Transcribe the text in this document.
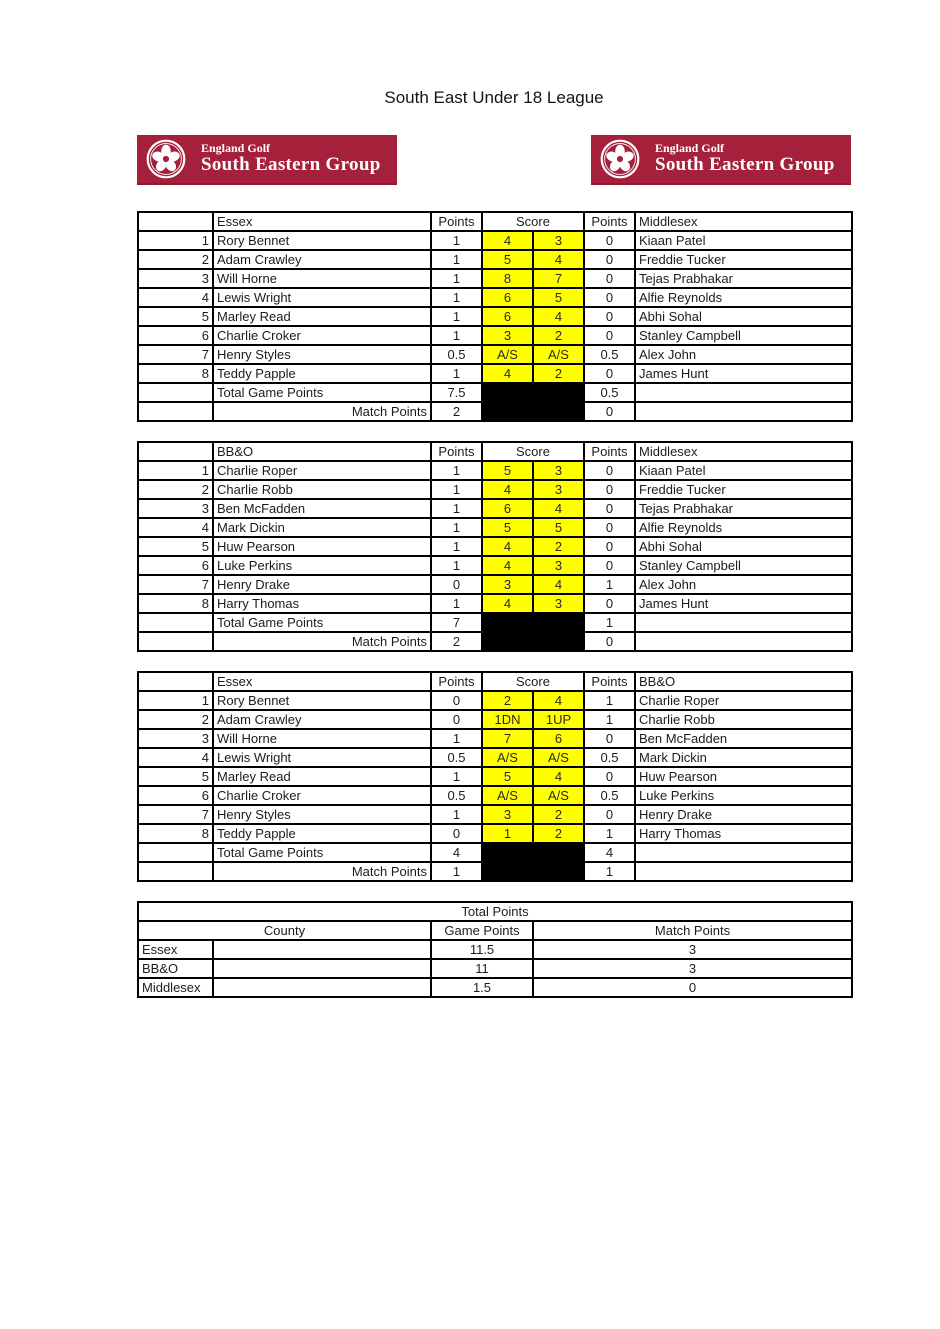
South East Under 18 League
England Golf
South Eastern Group
England Golf
South Eastern Group
	Essex	Points	Score		Points	Middlesex
1	Rory Bennet	1	4	3	0	Kiaan Patel
2	Adam Crawley	1	5	4	0	Freddie Tucker
3	Will Horne	1	8	7	0	Tejas Prabhakar
4	Lewis Wright	1	6	5	0	Alfie Reynolds
5	Marley Read	1	6	4	0	Abhi Sohal
6	Charlie Croker	1	3	2	0	Stanley Campbell
7	Henry Styles	0.5	A/S	A/S	0.5	Alex John
8	Teddy Papple	1	4	2	0	James Hunt
	Total Game Points	7.5			0.5	
	Match Points	2			0	
	BB&O	Points	Score		Points	Middlesex
1	Charlie Roper	1	5	3	0	Kiaan Patel
2	Charlie Robb	1	4	3	0	Freddie Tucker
3	Ben McFadden	1	6	4	0	Tejas Prabhakar
4	Mark Dickin	1	5	5	0	Alfie Reynolds
5	Huw Pearson	1	4	2	0	Abhi Sohal
6	Luke Perkins	1	4	3	0	Stanley Campbell
7	Henry Drake	0	3	4	1	Alex John
8	Harry Thomas	1	4	3	0	James Hunt
	Total Game Points	7			1	
	Match Points	2			0	
	Essex	Points	Score		Points	BB&O
1	Rory Bennet	0	2	4	1	Charlie Roper
2	Adam Crawley	0	1DN	1UP	1	Charlie Robb
3	Will Horne	1	7	6	0	Ben McFadden
4	Lewis Wright	0.5	A/S	A/S	0.5	Mark Dickin
5	Marley Read	1	5	4	0	Huw Pearson
6	Charlie Croker	0.5	A/S	A/S	0.5	Luke Perkins
7	Henry Styles	1	3	2	0	Henry Drake
8	Teddy Papple	0	1	2	1	Harry Thomas
	Total Game Points	4			4	
	Match Points	1			1	
Total Points			
County		Game Points	Match Points
Essex		11.5	3
BB&O		11	3
Middlesex		1.5	0
